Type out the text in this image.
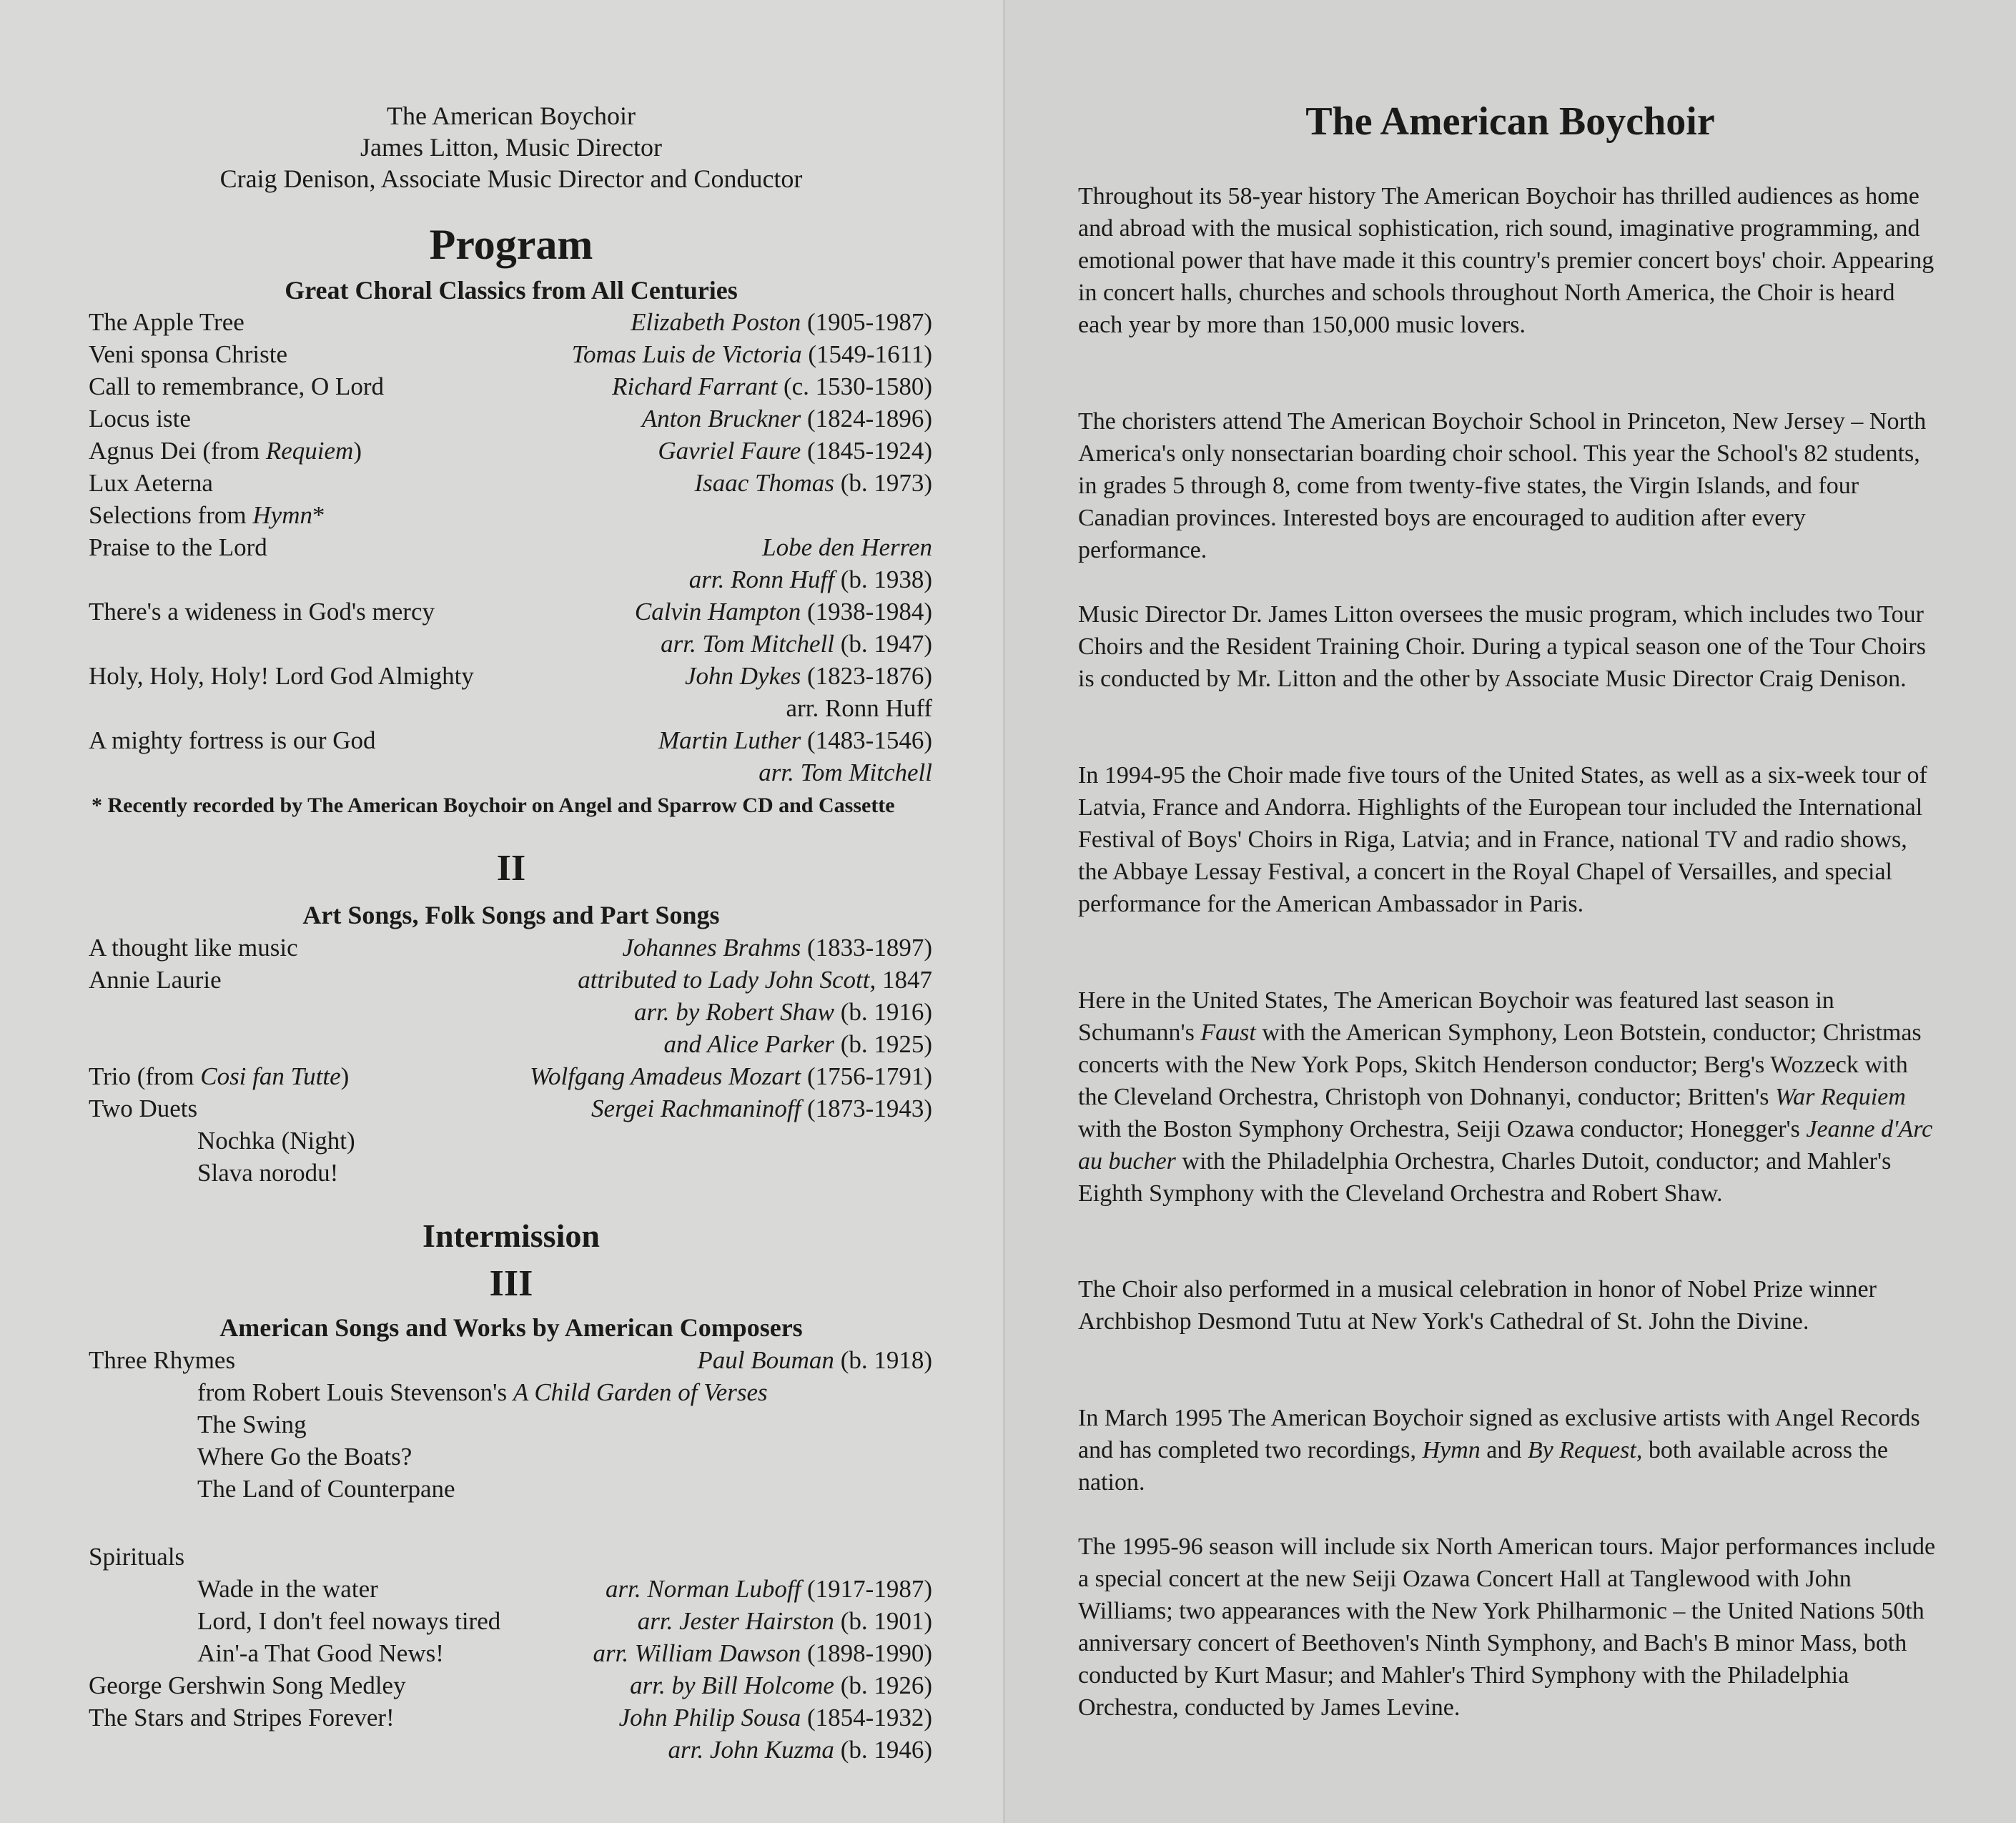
The American Boychoir
James Litton, Music Director
Craig Denison, Associate Music Director and Conductor
Program
Great Choral Classics from All Centuries
The Apple Tree	Elizabeth Poston (1905-1987)
Veni sponsa Christe	Tomas Luis de Victoria (1549-1611)
Call to remembrance, O Lord	Richard Farrant (c. 1530-1580)
Locus iste	Anton Bruckner (1824-1896)
Agnus Dei (from Requiem)	Gavriel Faure (1845-1924)
Lux Aeterna	Isaac Thomas (b. 1973)
Selections from Hymn*
Praise to the Lord	Lobe den Herren
arr. Ronn Huff (b. 1938)
There's a wideness in God's mercy	Calvin Hampton (1938-1984)
arr. Tom Mitchell (b. 1947)
Holy, Holy, Holy! Lord God Almighty	John Dykes (1823-1876)
arr. Ronn Huff
A mighty fortress is our God	Martin Luther (1483-1546)
arr. Tom Mitchell
* Recently recorded by The American Boychoir on Angel and Sparrow CD and Cassette
II
Art Songs, Folk Songs and Part Songs
A thought like music	Johannes Brahms (1833-1897)
Annie Laurie	attributed to Lady John Scott, 1847
arr. by Robert Shaw (b. 1916)
and Alice Parker (b. 1925)
Trio (from Cosi fan Tutte)	Wolfgang Amadeus Mozart (1756-1791)
Two Duets	Sergei Rachmaninoff (1873-1943)
Nochka (Night)
Slava norodu!
Intermission
III
American Songs and Works by American Composers
Three Rhymes	Paul Bouman (b. 1918)
from Robert Louis Stevenson's A Child Garden of Verses
The Swing
Where Go the Boats?
The Land of Counterpane
Spirituals
Wade in the water	arr. Norman Luboff (1917-1987)
Lord, I don't feel noways tired	arr. Jester Hairston (b. 1901)
Ain'-a That Good News!	arr. William Dawson (1898-1990)
George Gershwin Song Medley	arr. by Bill Holcome (b. 1926)
The Stars and Stripes Forever!	John Philip Sousa (1854-1932)
arr. John Kuzma (b. 1946)
The American Boychoir
Throughout its 58-year history The American Boychoir has thrilled audiences as home and abroad with the musical sophistication, rich sound, imaginative programming, and emotional power that have made it this country's premier concert boys' choir. Appearing in concert halls, churches and schools throughout North America, the Choir is heard each year by more than 150,000 music lovers.
The choristers attend The American Boychoir School in Princeton, New Jersey – North America's only nonsectarian boarding choir school. This year the School's 82 students, in grades 5 through 8, come from twenty-five states, the Virgin Islands, and four Canadian provinces. Interested boys are encouraged to audition after every performance.
Music Director Dr. James Litton oversees the music program, which includes two Tour Choirs and the Resident Training Choir. During a typical season one of the Tour Choirs is conducted by Mr. Litton and the other by Associate Music Director Craig Denison.
In 1994-95 the Choir made five tours of the United States, as well as a six-week tour of Latvia, France and Andorra. Highlights of the European tour included the International Festival of Boys' Choirs in Riga, Latvia; and in France, national TV and radio shows, the Abbaye Lessay Festival, a concert in the Royal Chapel of Versailles, and special performance for the American Ambassador in Paris.
Here in the United States, The American Boychoir was featured last season in Schumann's Faust with the American Symphony, Leon Botstein, conductor; Christmas concerts with the New York Pops, Skitch Henderson conductor; Berg's Wozzeck with the Cleveland Orchestra, Christoph von Dohnanyi, conductor; Britten's War Requiem with the Boston Symphony Orchestra, Seiji Ozawa conductor; Honegger's Jeanne d'Arc au bucher with the Philadelphia Orchestra, Charles Dutoit, conductor; and Mahler's Eighth Symphony with the Cleveland Orchestra and Robert Shaw.
The Choir also performed in a musical celebration in honor of Nobel Prize winner Archbishop Desmond Tutu at New York's Cathedral of St. John the Divine.
In March 1995 The American Boychoir signed as exclusive artists with Angel Records and has completed two recordings, Hymn and By Request, both available across the nation.
The 1995-96 season will include six North American tours. Major performances include a special concert at the new Seiji Ozawa Concert Hall at Tanglewood with John Williams; two appearances with the New York Philharmonic – the United Nations 50th anniversary concert of Beethoven's Ninth Symphony, and Bach's B minor Mass, both conducted by Kurt Masur; and Mahler's Third Symphony with the Philadelphia Orchestra, conducted by James Levine.
